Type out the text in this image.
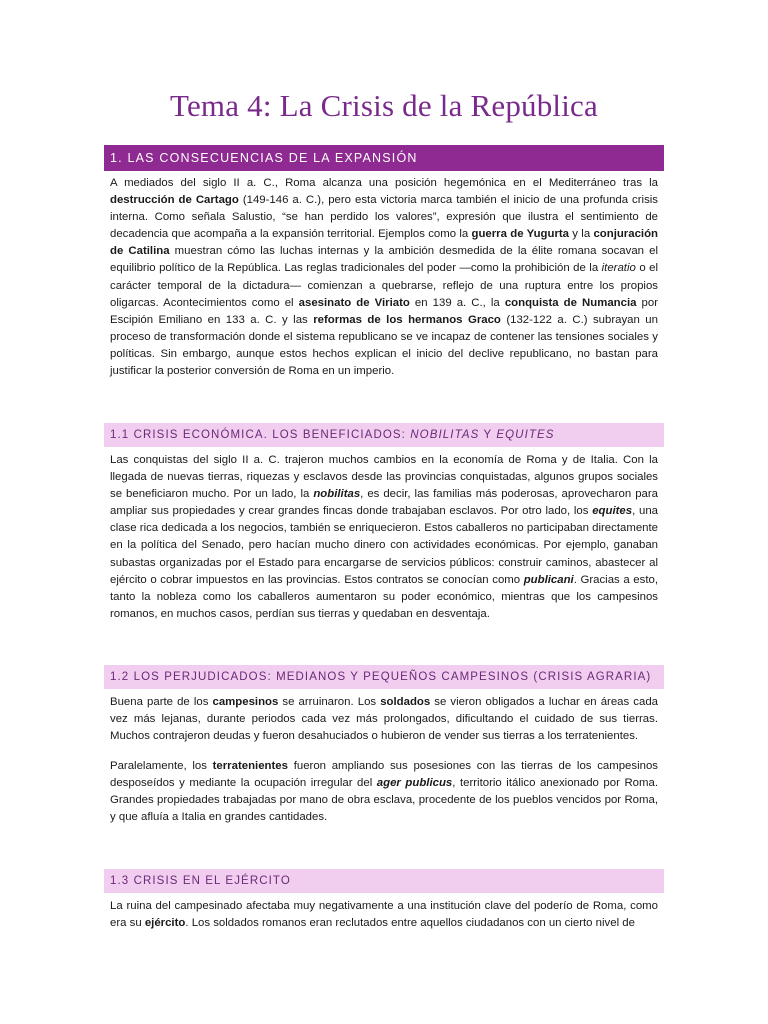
Tema 4: La Crisis de la República
1. LAS CONSECUENCIAS DE LA EXPANSIÓN

A mediados del siglo II a. C., Roma alcanza una posición hegemónica en el Mediterráneo tras la destrucción de Cartago (149-146 a. C.), pero esta victoria marca también el inicio de una profunda crisis interna. Como señala Salustio, “se han perdido los valores”, expresión que ilustra el sentimiento de decadencia que acompaña a la expansión territorial. Ejemplos como la guerra de Yugurta y la conjuración de Catilina muestran cómo las luchas internas y la ambición desmedida de la élite romana socavan el equilibrio político de la República. Las reglas tradicionales del poder —como la prohibición de la iteratio o el carácter temporal de la dictadura— comienzan a quebrarse, reflejo de una ruptura entre los propios oligarcas. Acontecimientos como el asesinato de Viriato en 139 a. C., la conquista de Numancia por Escipión Emiliano en 133 a. C. y las reformas de los hermanos Graco (132-122 a. C.) subrayan un proceso de transformación donde el sistema republicano se ve incapaz de contener las tensiones sociales y políticas. Sin embargo, aunque estos hechos explican el inicio del declive republicano, no bastan para justificar la posterior conversión de Roma en un imperio.

1.1 CRISIS ECONÓMICA. LOS BENEFICIADOS: NOBILITAS Y EQUITES

Las conquistas del siglo II a. C. trajeron muchos cambios en la economía de Roma y de Italia. Con la llegada de nuevas tierras, riquezas y esclavos desde las provincias conquistadas, algunos grupos sociales se beneficiaron mucho. Por un lado, la nobilitas, es decir, las familias más poderosas, aprovecharon para ampliar sus propiedades y crear grandes fincas donde trabajaban esclavos. Por otro lado, los equites, una clase rica dedicada a los negocios, también se enriquecieron. Estos caballeros no participaban directamente en la política del Senado, pero hacían mucho dinero con actividades económicas. Por ejemplo, ganaban subastas organizadas por el Estado para encargarse de servicios públicos: construir caminos, abastecer al ejército o cobrar impuestos en las provincias. Estos contratos se conocían como publicani. Gracias a esto, tanto la nobleza como los caballeros aumentaron su poder económico, mientras que los campesinos romanos, en muchos casos, perdían sus tierras y quedaban en desventaja.

1.2 LOS PERJUDICADOS: MEDIANOS Y PEQUEÑOS CAMPESINOS (CRISIS AGRARIA)

Buena parte de los campesinos se arruinaron. Los soldados se vieron obligados a luchar en áreas cada vez más lejanas, durante periodos cada vez más prolongados, dificultando el cuidado de sus tierras. Muchos contrajeron deudas y fueron desahuciados o hubieron de vender sus tierras a los terratenientes.

Paralelamente, los terratenientes fueron ampliando sus posesiones con las tierras de los campesinos desposeídos y mediante la ocupación irregular del ager publicus, territorio itálico anexionado por Roma. Grandes propiedades trabajadas por mano de obra esclava, procedente de los pueblos vencidos por Roma, y que afluía a Italia en grandes cantidades.

1.3 CRISIS EN EL EJÉRCITO

La ruina del campesinado afectaba muy negativamente a una institución clave del poderío de Roma, como era su ejército. Los soldados romanos eran reclutados entre aquellos ciudadanos con un cierto nivel de
